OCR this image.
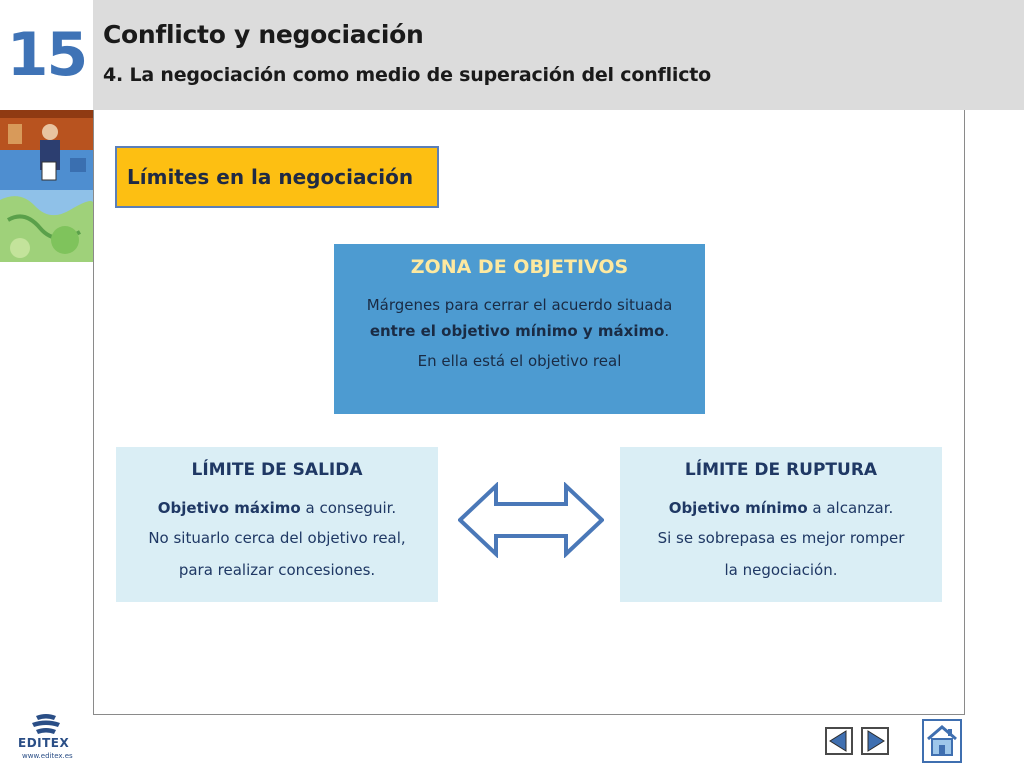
15 Conflicto y negociación
4. La negociación como medio de superación del conflicto
Límites en la negociación
ZONA DE OBJETIVOS
Márgenes para cerrar el acuerdo situada entre el objetivo mínimo y máximo.
En ella está el objetivo real
LÍMITE DE SALIDA
Objetivo máximo a conseguir.
No situarlo cerca del objetivo real,
para realizar concesiones.
LÍMITE DE RUPTURA
Objetivo mínimo a alcanzar.
Si se sobrepasa es mejor romper
la negociación.
EDITEX
www.editex.es
